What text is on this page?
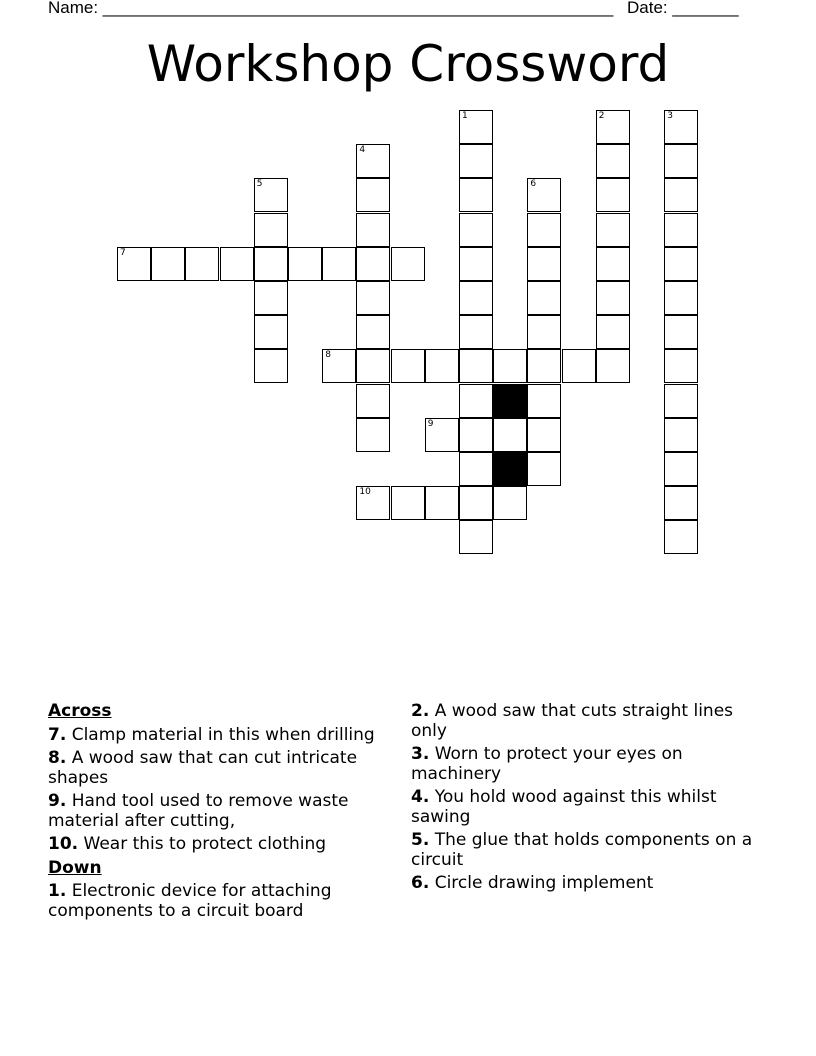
Name: ______________________________________________________ Date: _______
Workshop Crossword
1	2	3
4
5	6
7
8
9
10
Across
7. Clamp material in this when drilling
8. A wood saw that can cut intricate shapes
9. Hand tool used to remove waste material after cutting,
10. Wear this to protect clothing
Down
1. Electronic device for attaching components to a circuit board
2. A wood saw that cuts straight lines only
3. Worn to protect your eyes on machinery
4. You hold wood against this whilst sawing
5. The glue that holds components on a circuit
6. Circle drawing implement
